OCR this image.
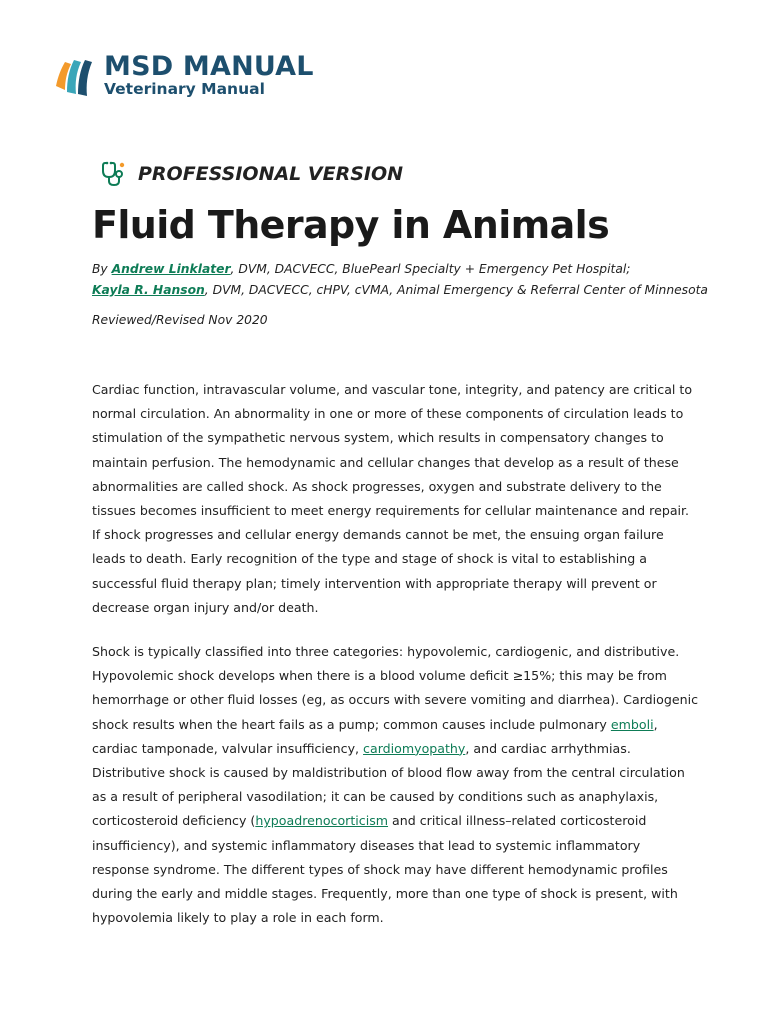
MSD MANUAL
Veterinary Manual
PROFESSIONAL VERSION
Fluid Therapy in Animals
By Andrew Linklater, DVM, DACVECC, BluePearl Specialty + Emergency Pet Hospital;
Kayla R. Hanson, DVM, DACVECC, cHPV, cVMA, Animal Emergency & Referral Center of Minnesota
Reviewed/Revised Nov 2020

Cardiac function, intravascular volume, and vascular tone, integrity, and patency are critical to
normal circulation. An abnormality in one or more of these components of circulation leads to
stimulation of the sympathetic nervous system, which results in compensatory changes to
maintain perfusion. The hemodynamic and cellular changes that develop as a result of these
abnormalities are called shock. As shock progresses, oxygen and substrate delivery to the
tissues becomes insufficient to meet energy requirements for cellular maintenance and repair.
If shock progresses and cellular energy demands cannot be met, the ensuing organ failure
leads to death. Early recognition of the type and stage of shock is vital to establishing a
successful fluid therapy plan; timely intervention with appropriate therapy will prevent or
decrease organ injury and/or death.

Shock is typically classified into three categories: hypovolemic, cardiogenic, and distributive.
Hypovolemic shock develops when there is a blood volume deficit ≥15%; this may be from
hemorrhage or other fluid losses (eg, as occurs with severe vomiting and diarrhea). Cardiogenic
shock results when the heart fails as a pump; common causes include pulmonary emboli,
cardiac tamponade, valvular insufficiency, cardiomyopathy, and cardiac arrhythmias.
Distributive shock is caused by maldistribution of blood flow away from the central circulation
as a result of peripheral vasodilation; it can be caused by conditions such as anaphylaxis,
corticosteroid deficiency (hypoadrenocorticism and critical illness–related corticosteroid
insufficiency), and systemic inflammatory diseases that lead to systemic inflammatory
response syndrome. The different types of shock may have different hemodynamic profiles
during the early and middle stages. Frequently, more than one type of shock is present, with
hypovolemia likely to play a role in each form.
